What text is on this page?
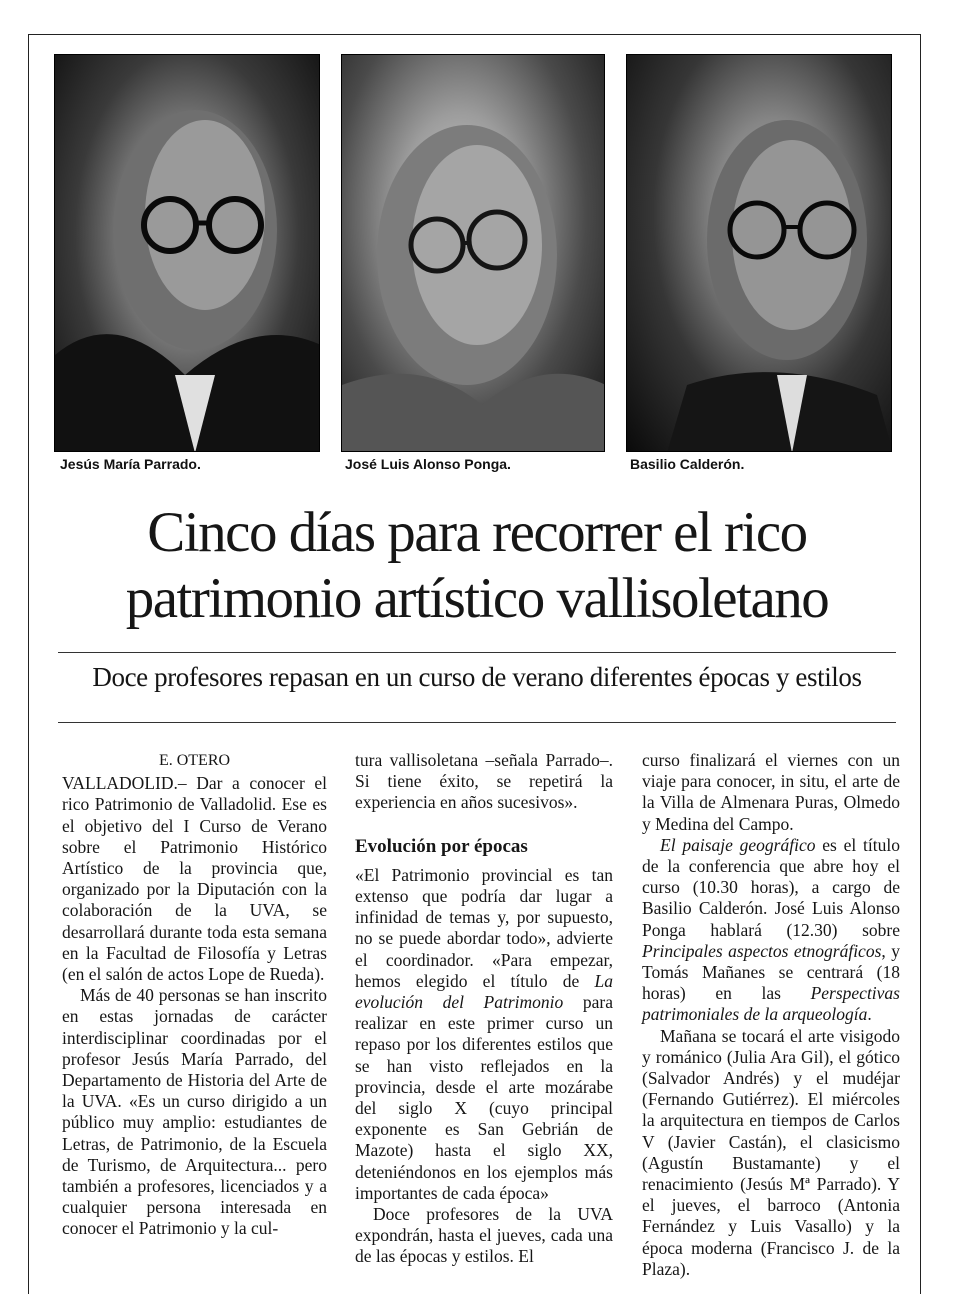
Jesús María Parrado.	José Luis Alonso Ponga.	Basilio Calderón.
Cinco días para recorrer el rico
patrimonio artístico vallisoletano
Doce profesores repasan en un curso de verano diferentes épocas y estilos
E. OTERO

VALLADOLID.– Dar a conocer el rico Patrimonio de Valladolid. Ese es el objetivo del I Curso de Verano sobre el Patrimonio Histórico Artístico de la provincia que, organizado por la Diputación con la colaboración de la UVA, se desarrollará durante toda esta semana en la Facultad de Filosofía y Letras (en el salón de actos Lope de Rueda).

Más de 40 personas se han inscrito en estas jornadas de carácter interdisciplinar coordinadas por el profesor Jesús María Parrado, del Departamento de Historia del Arte de la UVA. «Es un curso dirigido a un público muy amplio: estudiantes de Letras, de Patrimonio, de la Escuela de Turismo, de Arquitectura... pero también a profesores, licenciados y a cualquier persona interesada en conocer el Patrimonio y la cul-

tura vallisoletana –señala Parrado–. Si tiene éxito, se repetirá la experiencia en años sucesivos».

Evolución por épocas

«El Patrimonio provincial es tan extenso que podría dar lugar a infinidad de temas y, por supuesto, no se puede abordar todo», advierte el coordinador. «Para empezar, hemos elegido el título de La evolución del Patrimonio para realizar en este primer curso un repaso por los diferentes estilos que se han visto reflejados en la provincia, desde el arte mozárabe del siglo X (cuyo principal exponente es San Gebrián de Mazote) hasta el siglo XX, deteniéndonos en los ejemplos más importantes de cada época»

Doce profesores de la UVA expondrán, hasta el jueves, cada una de las épocas y estilos. El

curso finalizará el viernes con un viaje para conocer, in situ, el arte de la Villa de Almenara Puras, Olmedo y Medina del Campo.

El paisaje geográfico es el título de la conferencia que abre hoy el curso (10.30 horas), a cargo de Basilio Calderón. José Luis Alonso Ponga hablará (12.30) sobre Principales aspectos etnográficos, y Tomás Mañanes se centrará (18 horas) en las Perspectivas patrimoniales de la arqueología.

Mañana se tocará el arte visigodo y románico (Julia Ara Gil), el gótico (Salvador Andrés) y el mudéjar (Fernando Gutiérrez). El miércoles la arquitectura en tiempos de Carlos V (Javier Castán), el clasicismo (Agustín Bustamante) y el renacimiento (Jesús Mª Parrado). Y el jueves, el barroco (Antonia Fernández y Luis Vasallo) y la época moderna (Francisco J. de la Plaza).
